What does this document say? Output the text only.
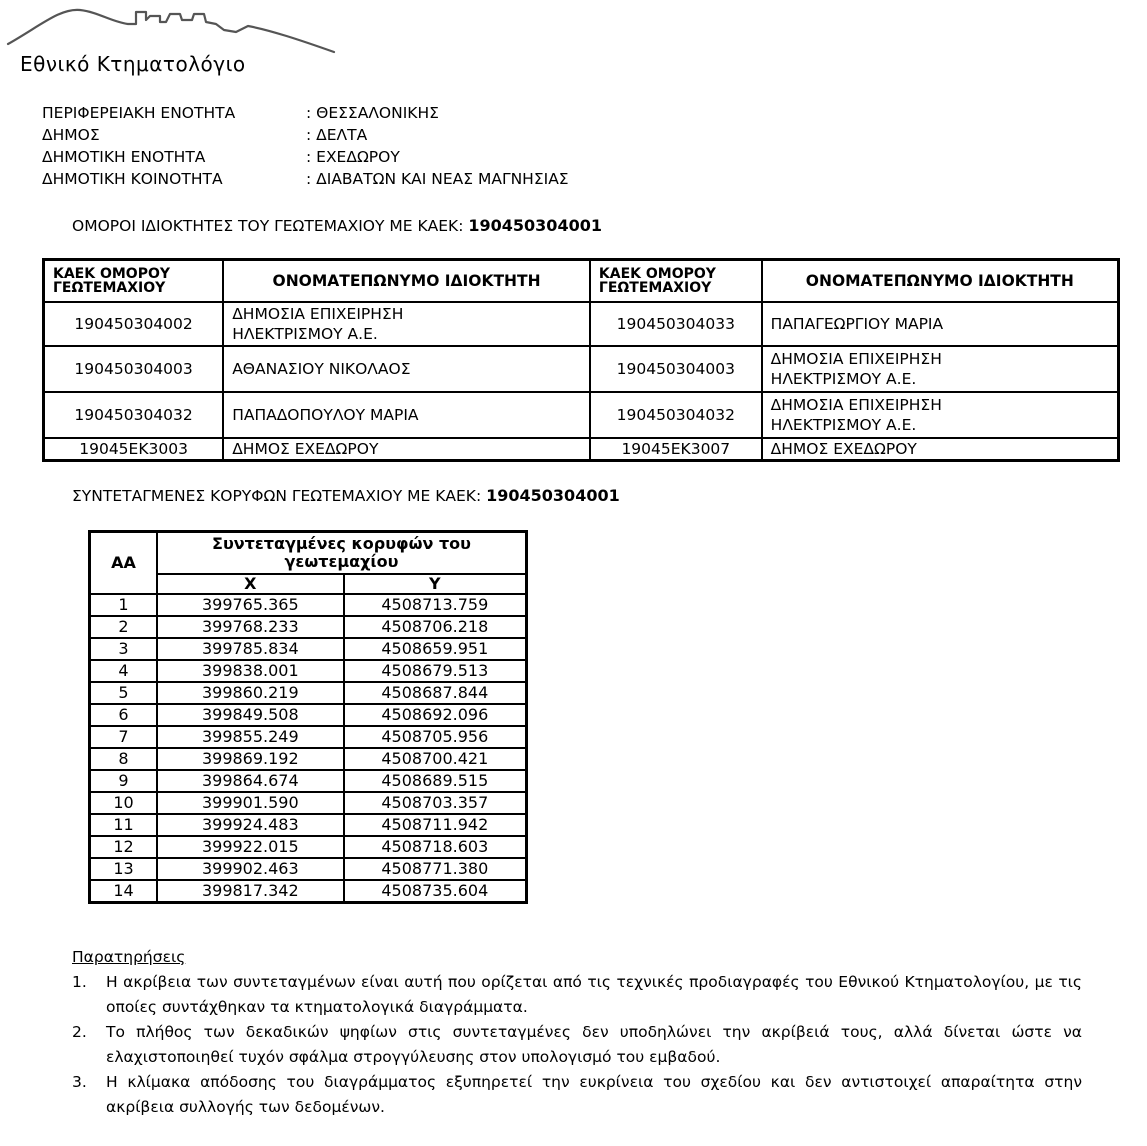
Εθνικό Κτηματολόγιο
ΠΕΡΙΦΕΡΕΙΑΚΗ ΕΝΟΤΗΤΑ	: ΘΕΣΣΑΛΟΝΙΚΗΣ
ΔΗΜΟΣ	: ΔΕΛΤΑ
ΔΗΜΟΤΙΚΗ ΕΝΟΤΗΤΑ	: ΕΧΕΔΩΡΟΥ
ΔΗΜΟΤΙΚΗ ΚΟΙΝΟΤΗΤΑ	: ΔΙΑΒΑΤΩΝ ΚΑΙ ΝΕΑΣ ΜΑΓΝΗΣΙΑΣ
ΟΜΟΡΟΙ ΙΔΙΟΚΤΗΤΕΣ ΤΟΥ ΓΕΩΤΕΜΑΧΙΟΥ ΜΕ ΚΑΕΚ: 190450304001
ΚΑΕΚ ΟΜΟΡΟΥ
ΓΕΩΤΕΜΑΧΙΟΥ	ΟΝΟΜΑΤΕΠΩΝΥΜΟ ΙΔΙΟΚΤΗΤΗ	ΚΑΕΚ ΟΜΟΡΟΥ
ΓΕΩΤΕΜΑΧΙΟΥ	ΟΝΟΜΑΤΕΠΩΝΥΜΟ ΙΔΙΟΚΤΗΤΗ
190450304002	ΔΗΜΟΣΙΑ ΕΠΙΧΕΙΡΗΣΗ
ΗΛΕΚΤΡΙΣΜΟΥ Α.Ε.	190450304033	ΠΑΠΑΓΕΩΡΓΙΟΥ ΜΑΡΙΑ
190450304003	ΑΘΑΝΑΣΙΟΥ ΝΙΚΟΛΑΟΣ	190450304003	ΔΗΜΟΣΙΑ ΕΠΙΧΕΙΡΗΣΗ
ΗΛΕΚΤΡΙΣΜΟΥ Α.Ε.
190450304032	ΠΑΠΑΔΟΠΟΥΛΟΥ ΜΑΡΙΑ	190450304032	ΔΗΜΟΣΙΑ ΕΠΙΧΕΙΡΗΣΗ
ΗΛΕΚΤΡΙΣΜΟΥ Α.Ε.
19045ΕΚ3003	ΔΗΜΟΣ ΕΧΕΔΩΡΟΥ	19045ΕΚ3007	ΔΗΜΟΣ ΕΧΕΔΩΡΟΥ
ΣΥΝΤΕΤΑΓΜΕΝΕΣ ΚΟΡΥΦΩΝ ΓΕΩΤΕΜΑΧΙΟΥ ΜΕ ΚΑΕΚ: 190450304001
ΑΑ	Συντεταγμένες κορυφών του
γεωτεμαχίου	
	X	Y
1	399765.365	4508713.759
2	399768.233	4508706.218
3	399785.834	4508659.951
4	399838.001	4508679.513
5	399860.219	4508687.844
6	399849.508	4508692.096
7	399855.249	4508705.956
8	399869.192	4508700.421
9	399864.674	4508689.515
10	399901.590	4508703.357
11	399924.483	4508711.942
12	399922.015	4508718.603
13	399902.463	4508771.380
14	399817.342	4508735.604
Παρατηρήσεις
1. Η ακρίβεια των συντεταγμένων είναι αυτή που ορίζεται από τις τεχνικές προδιαγραφές του Εθνικού Κτηματολογίου, με τις οποίες συντάχθηκαν τα κτηματολογικά διαγράμματα.
2. Το πλήθος των δεκαδικών ψηφίων στις συντεταγμένες δεν υποδηλώνει την ακρίβειά τους, αλλά δίνεται ώστε να ελαχιστοποιηθεί τυχόν σφάλμα στρογγύλευσης στον υπολογισμό του εμβαδού.
3. Η κλίμακα απόδοσης του διαγράμματος εξυπηρετεί την ευκρίνεια του σχεδίου και δεν αντιστοιχεί απαραίτητα στην ακρίβεια συλλογής των δεδομένων.
